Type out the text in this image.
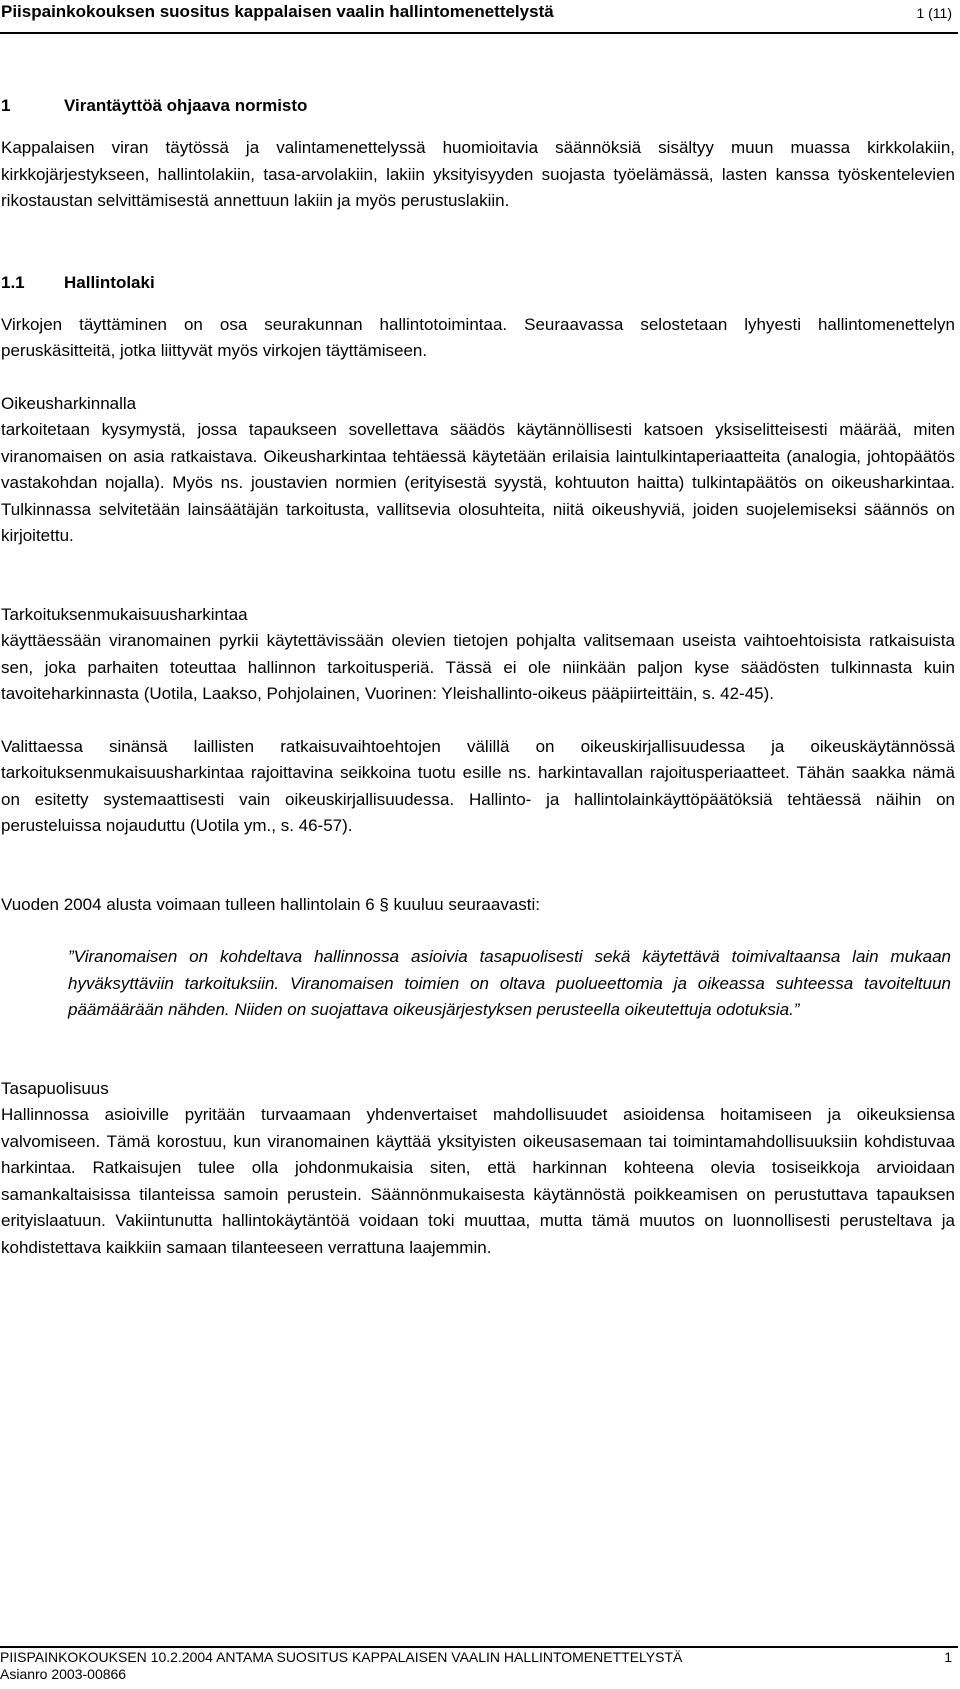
Piispainkokouksen suositus kappalaisen vaalin hallintomenettelystä	1 (11)
1	Virantäyttöä ohjaava normisto

Kappalaisen viran täytössä ja valintamenettelyssä huomioitavia säännöksiä sisältyy muun muassa kirkkolakiin, kirkkojärjestykseen, hallintolakiin, tasa-arvolakiin, lakiin yksityisyyden suojasta työelämässä, lasten kanssa työskentelevien rikostaustan selvittämisestä annettuun lakiin ja myös perustuslakiin.

1.1 Hallintolaki

Virkojen täyttäminen on osa seurakunnan hallintotoimintaa. Seuraavassa selostetaan lyhyesti hallintomenettelyn peruskäsitteitä, jotka liittyvät myös virkojen täyttämiseen.

Oikeusharkinnalla

tarkoitetaan kysymystä, jossa tapaukseen sovellettava säädös käytännöllisesti katsoen yksiselitteisesti määrää, miten viranomaisen on asia ratkaistava. Oikeusharkintaa tehtäessä käytetään erilaisia laintulkintaperiaatteita (analogia, johtopäätös vastakohdan nojalla). Myös ns. joustavien normien (erityisestä syystä, kohtuuton haitta) tulkintapäätös on oikeusharkintaa. Tulkinnassa selvitetään lainsäätäjän tarkoitusta, vallitsevia olosuhteita, niitä oikeushyviä, joiden suojelemiseksi säännös on kirjoitettu.

Tarkoituksenmukaisuusharkintaa

käyttäessään viranomainen pyrkii käytettävissään olevien tietojen pohjalta valitsemaan useista vaihtoehtoisista ratkaisuista sen, joka parhaiten toteuttaa hallinnon tarkoitusperiä. Tässä ei ole niinkään paljon kyse säädösten tulkinnasta kuin tavoiteharkinnasta (Uotila, Laakso, Pohjolainen, Vuorinen: Yleishallinto-oikeus pääpiirteittäin, s. 42-45).

Valittaessa sinänsä laillisten ratkaisuvaihtoehtojen välillä on oikeuskirjallisuudessa ja oikeuskäytännössä tarkoituksenmukaisuusharkintaa rajoittavina seikkoina tuotu esille ns. harkintavallan rajoitusperiaatteet. Tähän saakka nämä on esitetty systemaattisesti vain oikeuskirjallisuudessa. Hallinto- ja hallintolainkäyttöpäätöksiä tehtäessä näihin on perusteluissa nojauduttu (Uotila ym., s. 46-57).

Vuoden 2004 alusta voimaan tulleen hallintolain 6 § kuuluu seuraavasti:

”Viranomaisen on kohdeltava hallinnossa asioivia tasapuolisesti sekä käytettävä toimivaltaansa lain mukaan hyväksyttäviin tarkoituksiin. Viranomaisen toimien on oltava puolueettomia ja oikeassa suhteessa tavoiteltuun päämäärään nähden. Niiden on suojattava oikeusjärjestyksen perusteella oikeutettuja odotuksia.”

Tasapuolisuus

Hallinnossa asioiville pyritään turvaamaan yhdenvertaiset mahdollisuudet asioidensa hoitamiseen ja oikeuksiensa valvomiseen. Tämä korostuu, kun viranomainen käyttää yksityisten oikeusasemaan tai toimintamahdollisuuksiin kohdistuvaa harkintaa. Ratkaisujen tulee olla johdonmukaisia siten, että harkinnan kohteena olevia tosiseikkoja arvioidaan samankaltaisissa tilanteissa samoin perustein. Säännönmukaisesta käytännöstä poikkeamisen on perustuttava tapauksen erityislaatuun. Vakiintunutta hallintokäytäntöä voidaan toki muuttaa, mutta tämä muutos on luonnollisesti perusteltava ja kohdistettava kaikkiin samaan tilanteeseen verrattuna laajemmin.

PIISPAINKOKOUKSEN 10.2.2004 ANTAMA SUOSITUS KAPPALAISEN VAALIN HALLINTOMENETTELYSTÄ	1
Asianro 2003-00866
